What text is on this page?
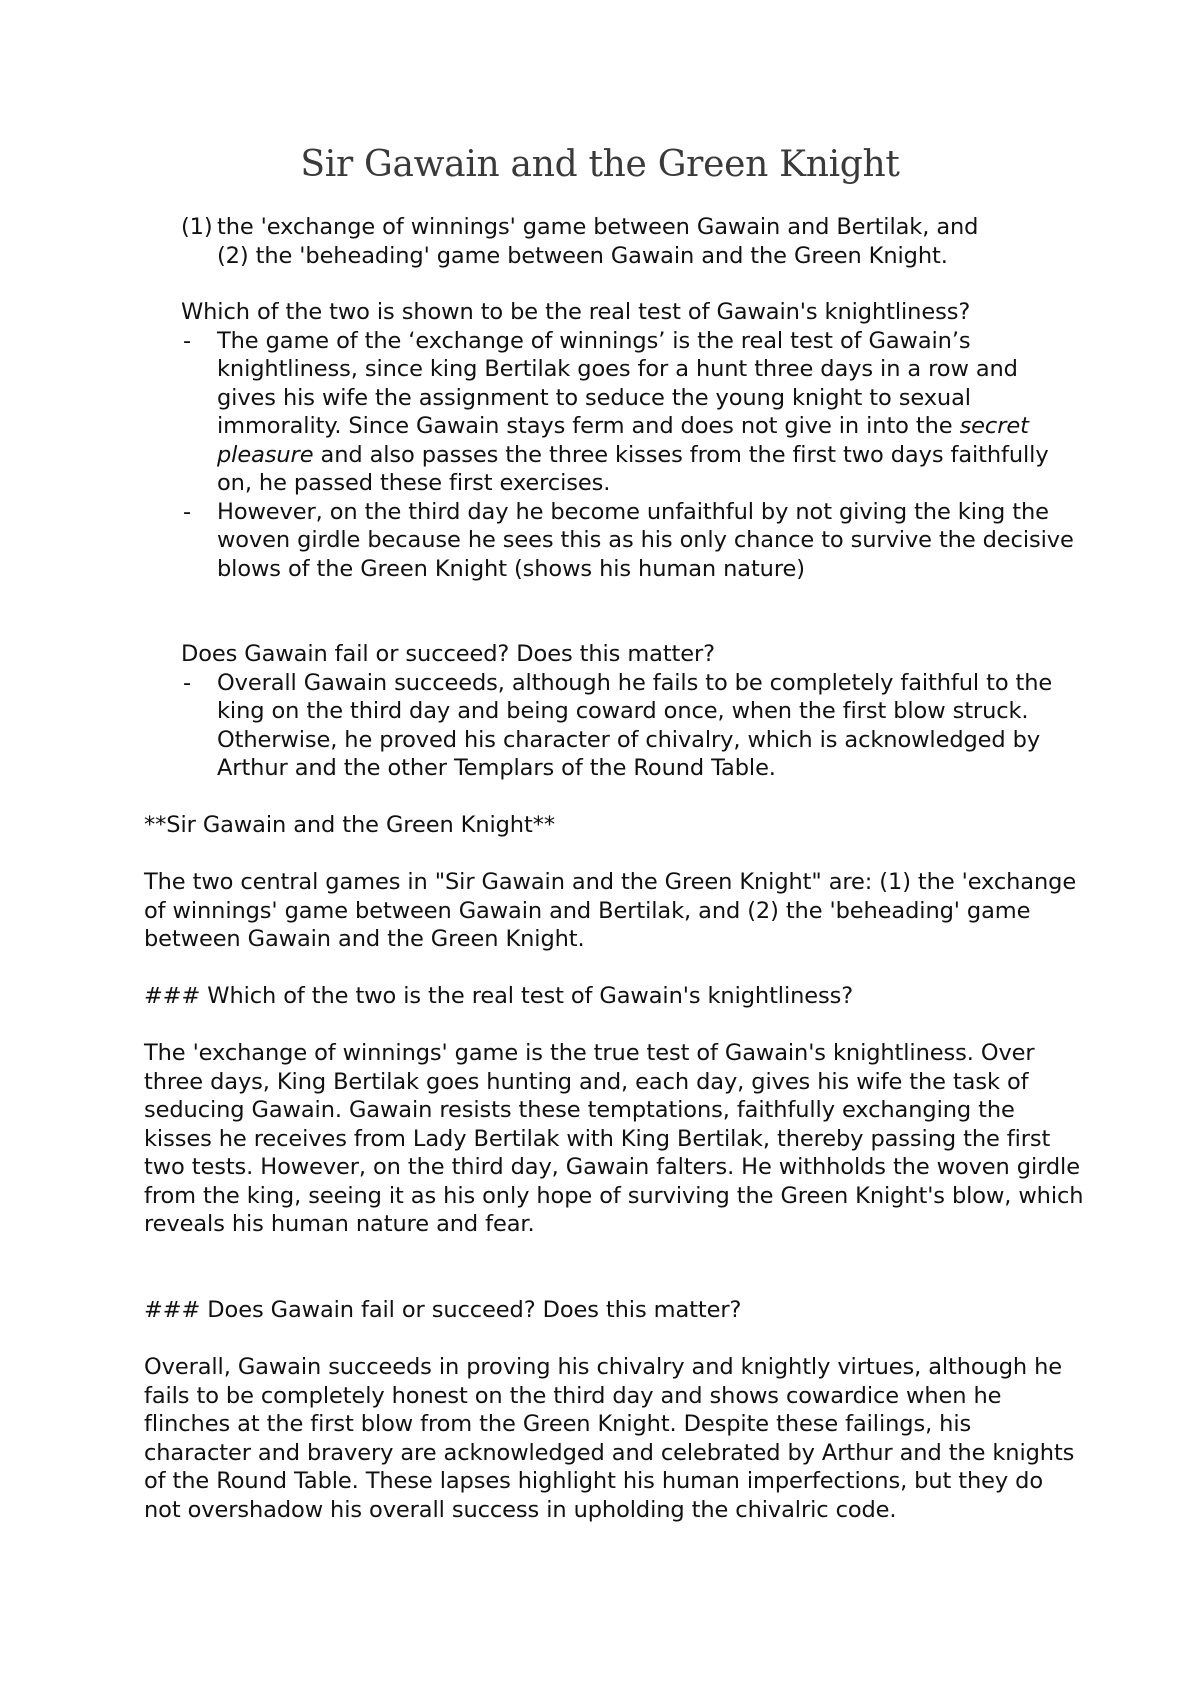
Sir Gawain and the Green Knight
(1) the 'exchange of winnings' game between Gawain and Bertilak, and
(2) the 'beheading' game between Gawain and the Green Knight.
Which of the two is shown to be the real test of Gawain's knightliness?
- The game of the ‘exchange of winnings’ is the real test of Gawain’s knightliness, since king Bertilak goes for a hunt three days in a row and gives his wife the assignment to seduce the young knight to sexual immorality. Since Gawain stays ferm and does not give in into the secret pleasure and also passes the three kisses from the first two days faithfully on, he passed these first exercises.
- However, on the third day he become unfaithful by not giving the king the woven girdle because he sees this as his only chance to survive the decisive blows of the Green Knight (shows his human nature)
Does Gawain fail or succeed? Does this matter?
- Overall Gawain succeeds, although he fails to be completely faithful to the king on the third day and being coward once, when the first blow struck. Otherwise, he proved his character of chivalry, which is acknowledged by Arthur and the other Templars of the Round Table.
**Sir Gawain and the Green Knight**
The two central games in "Sir Gawain and the Green Knight" are: (1) the 'exchange of winnings' game between Gawain and Bertilak, and (2) the 'beheading' game between Gawain and the Green Knight.
### Which of the two is the real test of Gawain's knightliness?
The 'exchange of winnings' game is the true test of Gawain's knightliness. Over three days, King Bertilak goes hunting and, each day, gives his wife the task of seducing Gawain. Gawain resists these temptations, faithfully exchanging the kisses he receives from Lady Bertilak with King Bertilak, thereby passing the first two tests. However, on the third day, Gawain falters. He withholds the woven girdle from the king, seeing it as his only hope of surviving the Green Knight's blow, which reveals his human nature and fear.
### Does Gawain fail or succeed? Does this matter?
Overall, Gawain succeeds in proving his chivalry and knightly virtues, although he fails to be completely honest on the third day and shows cowardice when he flinches at the first blow from the Green Knight. Despite these failings, his character and bravery are acknowledged and celebrated by Arthur and the knights of the Round Table. These lapses highlight his human imperfections, but they do not overshadow his overall success in upholding the chivalric code.
